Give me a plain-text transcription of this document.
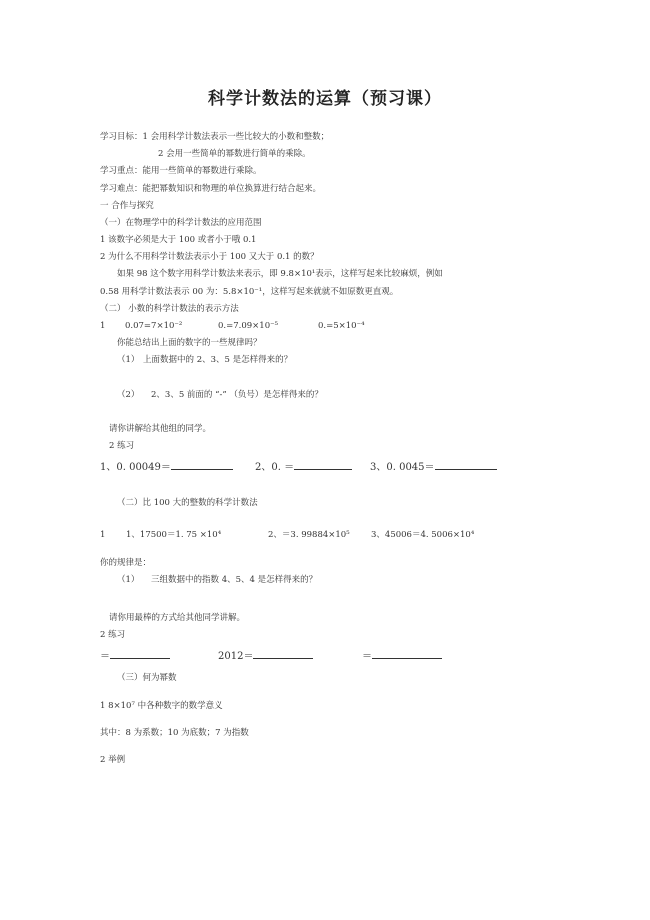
科学计数法的运算（预习课）
学习目标：1 会用科学计数法表示一些比较大的小数和整数；
2 会用一些简单的幂数进行简单的乘除。
学习重点：能用一些简单的幂数进行乘除。
学习难点：能把幂数知识和物理的单位换算进行结合起来。
一 合作与探究
（一）在物理学中的科学计数法的应用范围
1 该数字必须是大于 100 或者小于哦 0.1
2 为什么不用科学计数法表示小于 100 又大于 0.1 的数？
如果 98 这个数字用科学计数法来表示，即 9.8×10¹表示，这样写起来比较麻烦，例如
0.58 用科学计数法表示 00 为：5.8×10⁻¹，这样写起来就就不如原数更直观。
（二） 小数的科学计数法的表示方法
1 0.07=7×10⁻²	0.=7.09×10⁻⁵	0.=5×10⁻⁴
你能总结出上面的数字的一些规律吗？
（1） 上面数据中的 2、3、5 是怎样得来的？
（2） 2、3、5 前面的 “-” （负号）是怎样得来的？
请你讲解给其他组的同学。
2 练习
1、0. 00049＝	2、0. ＝	3、0. 0045＝
（二）比 100 大的整数的科学计数法
1 1、17500＝1. 75 ×10⁴	2、＝3. 99884×10⁵	3、45006＝4. 5006×10⁴
你的规律是：
（1） 三组数据中的指数 4、5、4 是怎样得来的？
请你用最棒的方式给其他同学讲解。
2 练习
＝	2012＝	＝
（三）何为幂数
1 8×10⁷ 中各种数字的数学意义
其中：8 为系数；10 为底数；7 为指数
2 举例
